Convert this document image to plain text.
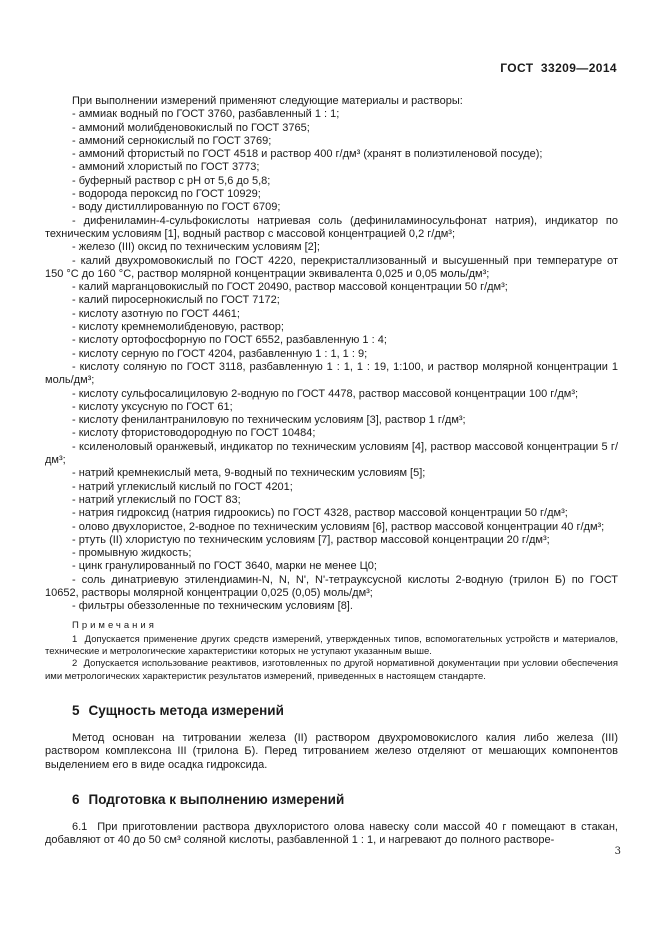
ГОСТ  33209—2014

При выполнении измерений применяют следующие материалы и растворы:

- аммиак водный по ГОСТ 3760, разбавленный 1 : 1;

- аммоний молибденовокислый по ГОСТ 3765;

- аммоний сернокислый по ГОСТ 3769;

- аммоний фтористый по ГОСТ 4518 и раствор 400 г/дм³ (хранят в полиэтиленовой посуде);

- аммоний хлористый по ГОСТ 3773;

- буферный раствор с pH от 5,6 до 5,8;

- водорода пероксид по ГОСТ 10929;

- воду дистиллированную по ГОСТ 6709;

- дифениламин-4-сульфокислоты натриевая соль (дефиниламиносульфонат натрия), индикатор по техническим условиям [1], водный раствор с массовой концентрацией 0,2 г/дм³;

- железо (III) оксид по техническим условиям [2];

- калий двухромовокислый по ГОСТ 4220, перекристаллизованный и высушенный при температуре от 150 °С до 160 °С, раствор молярной концентрации эквивалента 0,025 и 0,05 моль/дм³;

- калий марганцовокислый по ГОСТ 20490, раствор массовой концентрации 50 г/дм³;

- калий пиросернокислый по ГОСТ 7172;

- кислоту азотную по ГОСТ 4461;

- кислоту кремнемолибденовую, раствор;

- кислоту ортофосфорную по ГОСТ 6552, разбавленную 1 : 4;

- кислоту серную по ГОСТ 4204, разбавленную 1 : 1, 1 : 9;

- кислоту соляную по ГОСТ 3118, разбавленную 1 : 1, 1 : 19, 1:100, и раствор молярной концентрации 1 моль/дм³;

- кислоту сульфосалициловую 2-водную по ГОСТ 4478, раствор массовой концентрации 100 г/дм³;

- кислоту уксусную по ГОСТ 61;

- кислоту фенилантраниловую по техническим условиям [3], раствор 1 г/дм³;

- кислоту фтористоводородную по ГОСТ 10484;

- ксиленоловый оранжевый, индикатор по техническим условиям [4], раствор массовой концентрации 5 г/дм³;

- натрий кремнекислый мета, 9-водный по техническим условиям [5];

- натрий углекислый кислый по ГОСТ 4201;

- натрий углекислый по ГОСТ 83;

- натрия гидроксид (натрия гидроокись) по ГОСТ 4328, раствор массовой концентрации 50 г/дм³;

- олово двухлористое, 2-водное по техническим условиям [6], раствор массовой концентрации 40 г/дм³;

- ртуть (II) хлористую по техническим условиям [7], раствор массовой концентрации 20 г/дм³;

- промывную жидкость;

- цинк гранулированный по ГОСТ 3640, марки не менее Ц0;

- соль динатриевую этилендиамин-N, N, N', N'-тетрауксусной кислоты 2-водную (трилон Б) по ГОСТ 10652, растворы молярной концентрации 0,025 (0,05) моль/дм³;

- фильтры обеззоленные по техническим условиям [8].

Примечания

1  Допускается применение других средств измерений, утвержденных типов, вспомогательных устройств и материалов, технические и метрологические характеристики которых не уступают указанным выше.

2  Допускается использование реактивов, изготовленных по другой нормативной документации при условии обеспечения ими метрологических характеристик результатов измерений, приведенных в настоящем стандарте.

5 Сущность метода измерений

Метод основан на титровании железа (II) раствором двухромовокислого калия либо железа (III) раствором комплексона III (трилона Б). Перед титрованием железо отделяют от мешающих компонентов выделением его в виде осадка гидроксида.

6 Подготовка к выполнению измерений

6.1  При приготовлении раствора двухлористого олова навеску соли массой 40 г помещают в стакан, добавляют от 40 до 50 см³ соляной кислоты, разбавленной 1 : 1, и нагревают до полного растворе-

3
